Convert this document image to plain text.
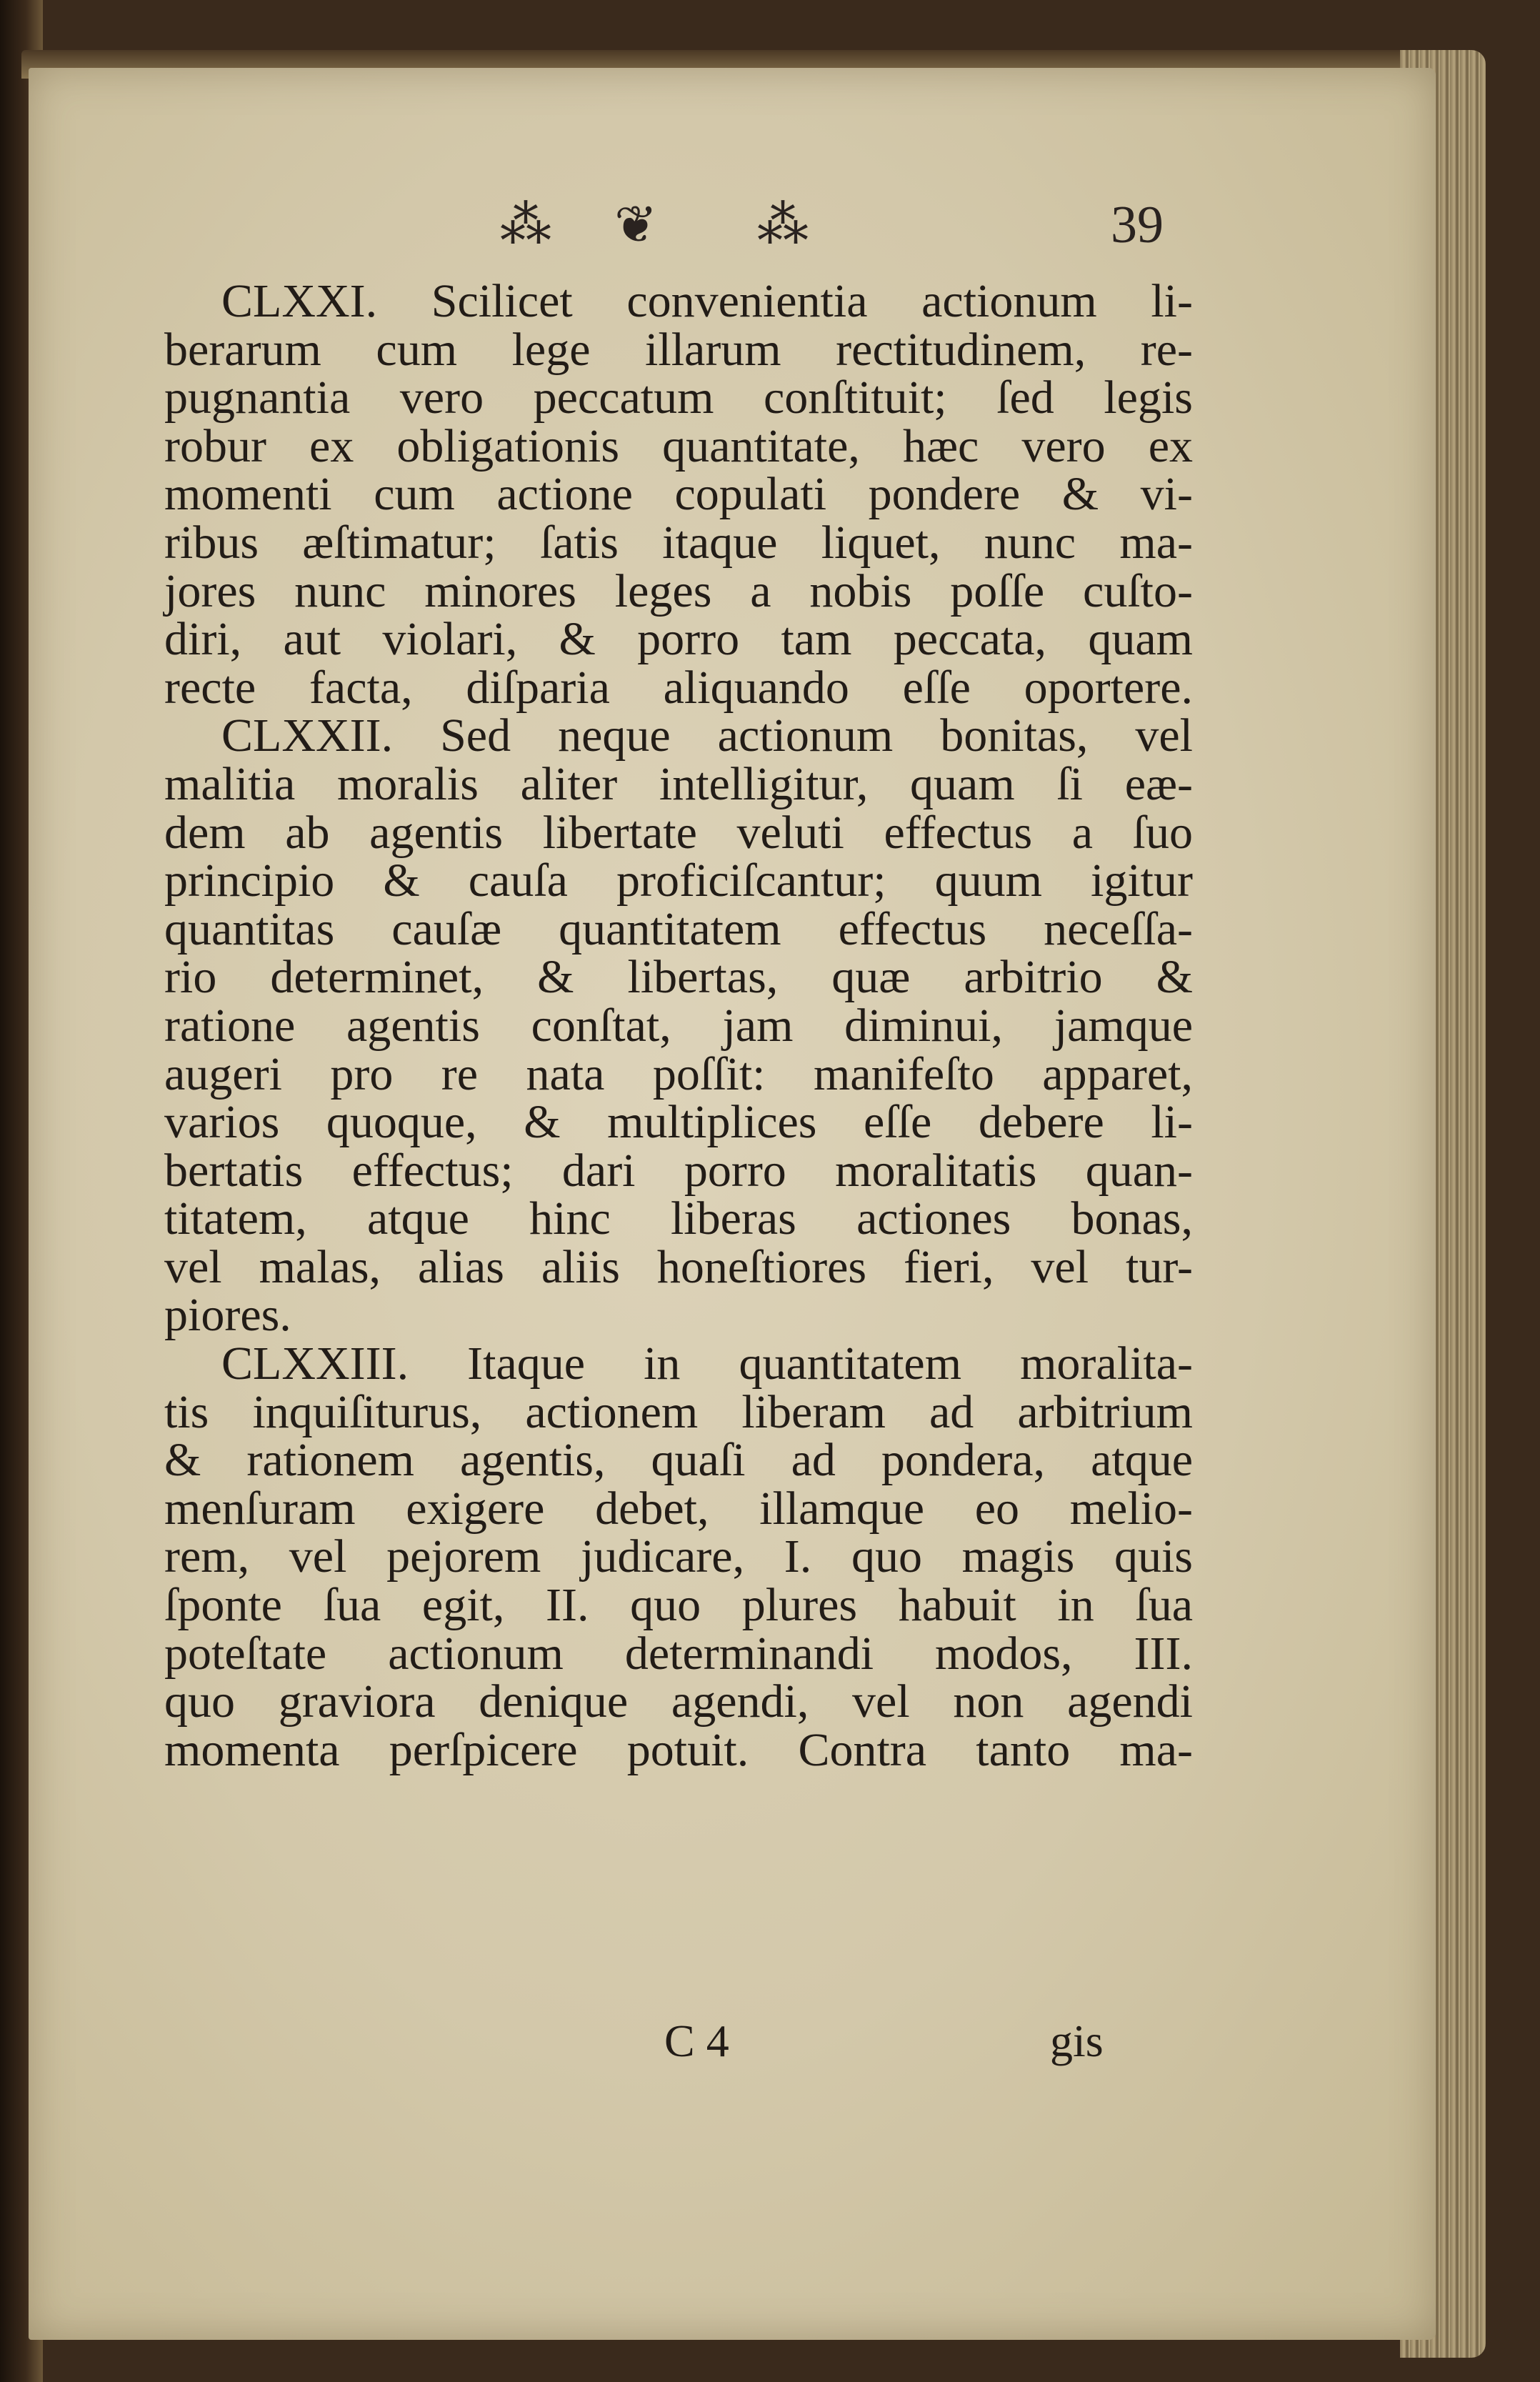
⁂ ❦ ⁂	39
CLXXI. Scilicet convenientia actionum li-
berarum cum lege illarum rectitudinem, re-
pugnantia vero peccatum conſtituit; ſed legis
robur ex obligationis quantitate, hæc vero ex
momenti cum actione copulati pondere & vi-
ribus æſtimatur; ſatis itaque liquet, nunc ma-
jores nunc minores leges a nobis poſſe cuſto-
diri, aut violari, & porro tam peccata, quam
recte facta, diſparia aliquando eſſe oportere.
CLXXII. Sed neque actionum bonitas, vel
malitia moralis aliter intelligitur, quam ſi eæ-
dem ab agentis libertate veluti effectus a ſuo
principio & cauſa proficiſcantur; quum igitur
quantitas cauſæ quantitatem effectus neceſſa-
rio determinet, & libertas, quæ arbitrio &
ratione agentis conſtat, jam diminui, jamque
augeri pro re nata poſſit: manifeſto apparet,
varios quoque, & multiplices eſſe debere li-
bertatis effectus; dari porro moralitatis quan-
titatem, atque hinc liberas actiones bonas,
vel malas, alias aliis honeſtiores fieri, vel tur-
piores.
CLXXIII. Itaque in quantitatem moralita-
tis inquiſiturus, actionem liberam ad arbitrium
& rationem agentis, quaſi ad pondera, atque
menſuram exigere debet, illamque eo melio-
rem, vel pejorem judicare, I. quo magis quis
ſponte ſua egit, II. quo plures habuit in ſua
poteſtate actionum determinandi modos, III.
quo graviora denique agendi, vel non agendi
momenta perſpicere potuit. Contra tanto ma-
C 4	gis
